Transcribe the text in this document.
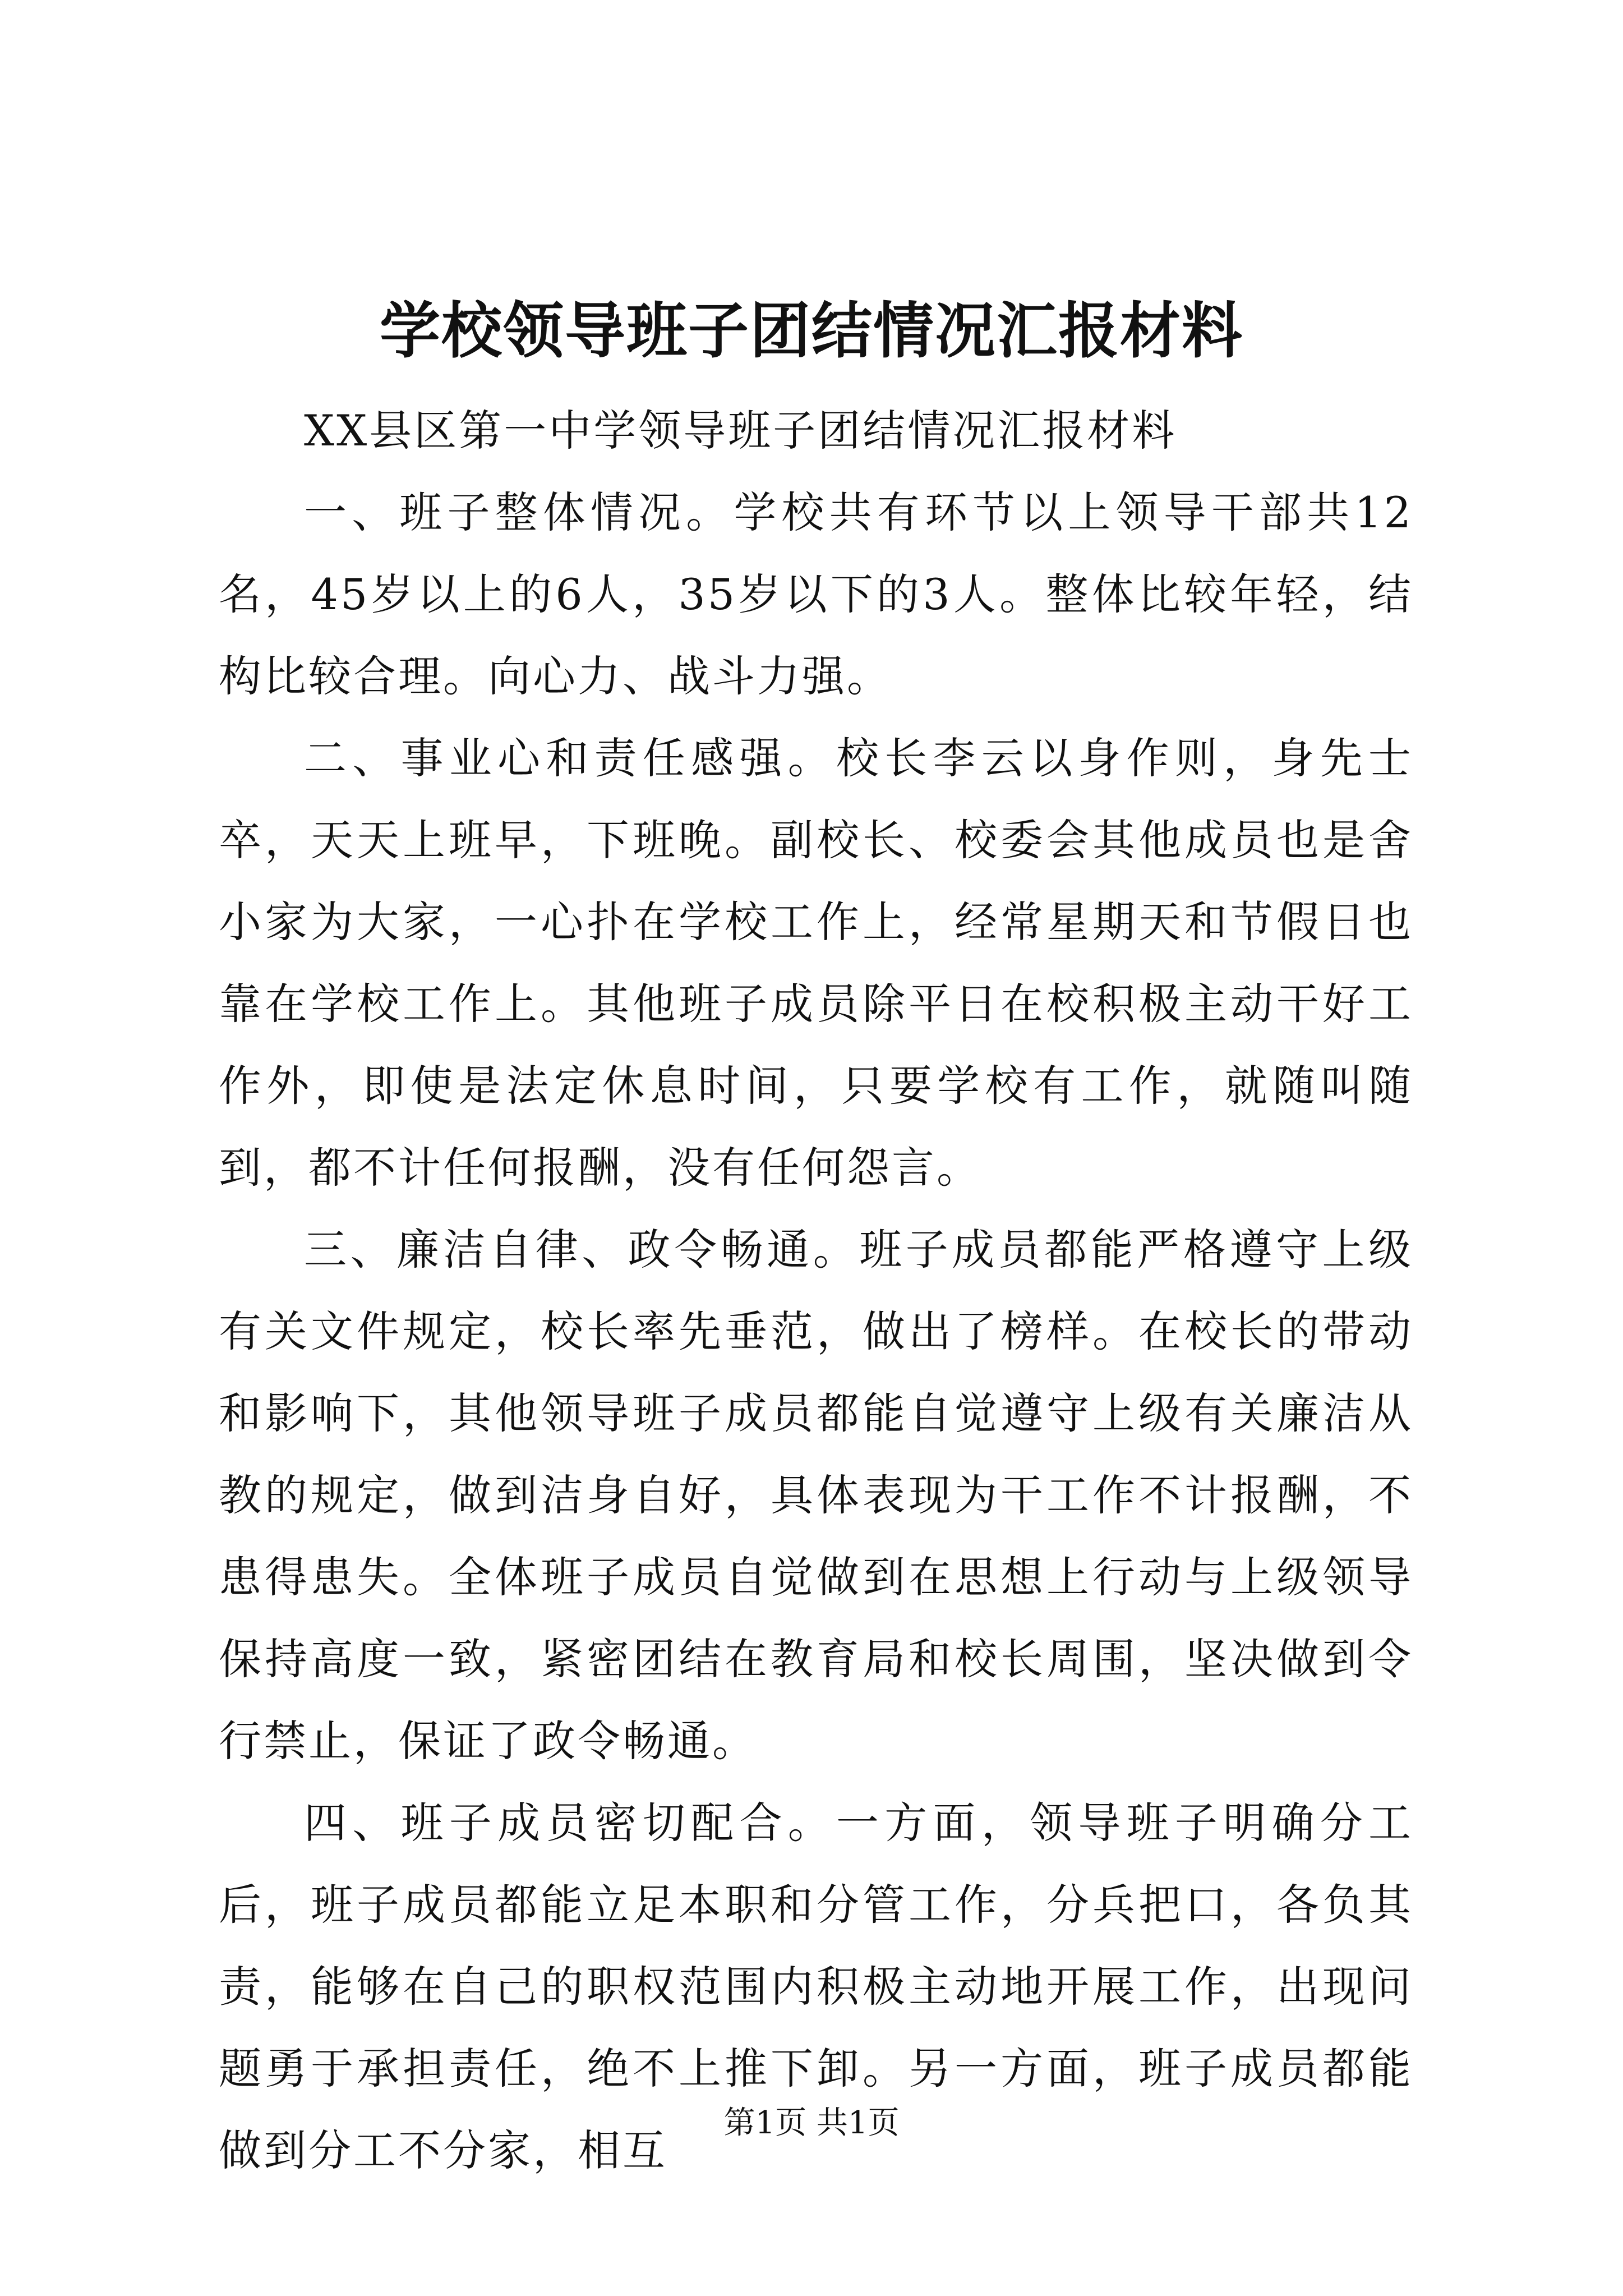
学校领导班子团结情况汇报材料

XX县区第一中学领导班子团结情况汇报材料

一、班子整体情况。学校共有环节以上领导干部共12名，45岁以上的6人，35岁以下的3人。整体比较年轻，结构比较合理。向心力、战斗力强。

二、事业心和责任感强。校长李云以身作则，身先士卒，天天上班早，下班晚。副校长、校委会其他成员也是舍小家为大家，一心扑在学校工作上，经常星期天和节假日也靠在学校工作上。其他班子成员除平日在校积极主动干好工作外，即使是法定休息时间，只要学校有工作，就随叫随到，都不计任何报酬，没有任何怨言。

三、廉洁自律、政令畅通。班子成员都能严格遵守上级有关文件规定，校长率先垂范，做出了榜样。在校长的带动和影响下，其他领导班子成员都能自觉遵守上级有关廉洁从教的规定，做到洁身自好，具体表现为干工作不计报酬，不患得患失。全体班子成员自觉做到在思想上行动与上级领导保持高度一致，紧密团结在教育局和校长周围，坚决做到令行禁止，保证了政令畅通。

四、班子成员密切配合。一方面，领导班子明确分工后，班子成员都能立足本职和分管工作，分兵把口，各负其责，能够在自己的职权范围内积极主动地开展工作，出现问题勇于承担责任，绝不上推下卸。另一方面，班子成员都能做到分工不分家，相互

第1页 共1页
